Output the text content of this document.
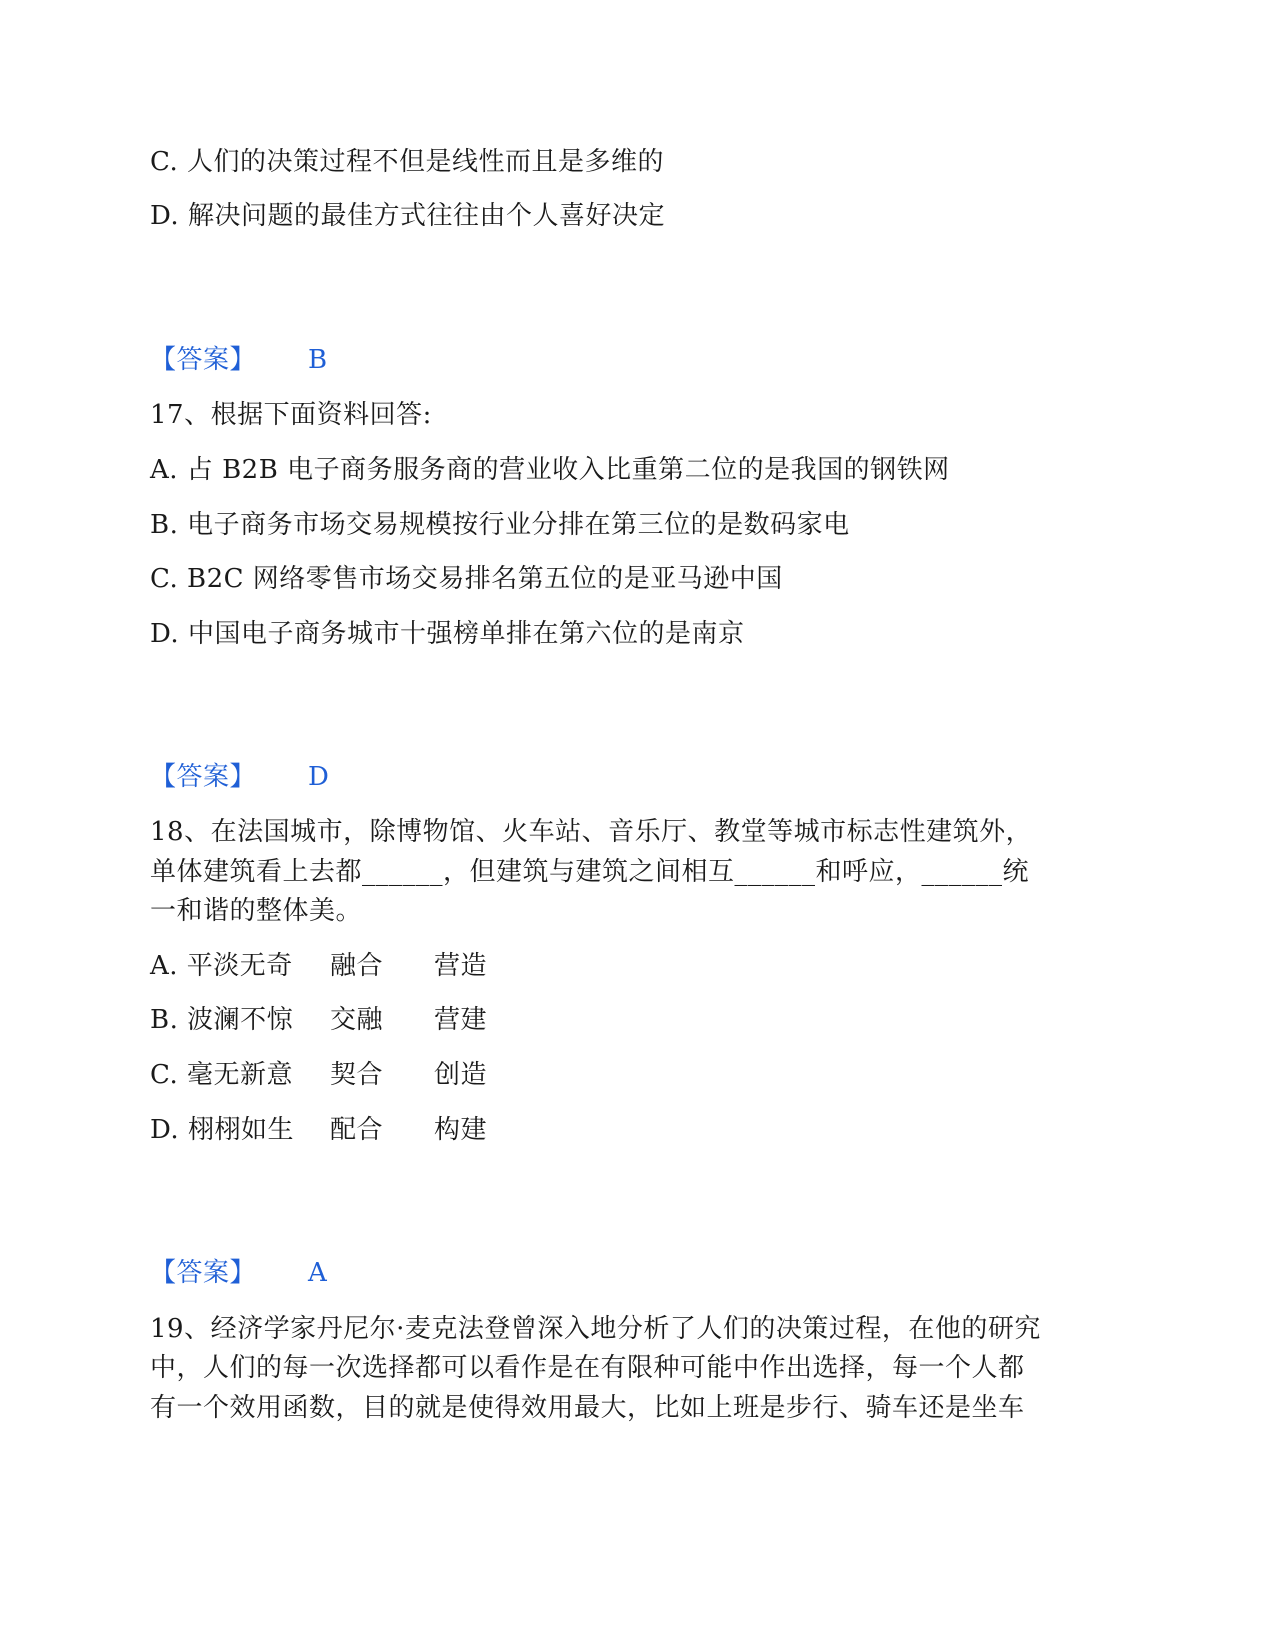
C. 人们的决策过程不但是线性而且是多维的
D. 解决问题的最佳方式往往由个人喜好决定
【答案】 B
17、根据下面资料回答:
A. 占 B2B 电子商务服务商的营业收入比重第二位的是我国的钢铁网
B. 电子商务市场交易规模按行业分排在第三位的是数码家电
C. B2C 网络零售市场交易排名第五位的是亚马逊中国
D. 中国电子商务城市十强榜单排在第六位的是南京
【答案】 D
18、在法国城市，除博物馆、火车站、音乐厅、教堂等城市标志性建筑外，
单体建筑看上去都______，但建筑与建筑之间相互______和呼应，______统
一和谐的整体美。
A. 平淡无奇 融合 营造
B. 波澜不惊 交融 营建
C. 毫无新意 契合 创造
D. 栩栩如生 配合 构建
【答案】 A
19、经济学家丹尼尔·麦克法登曾深入地分析了人们的决策过程，在他的研究
中，人们的每一次选择都可以看作是在有限种可能中作出选择，每一个人都
有一个效用函数，目的就是使得效用最大，比如上班是步行、骑车还是坐车
